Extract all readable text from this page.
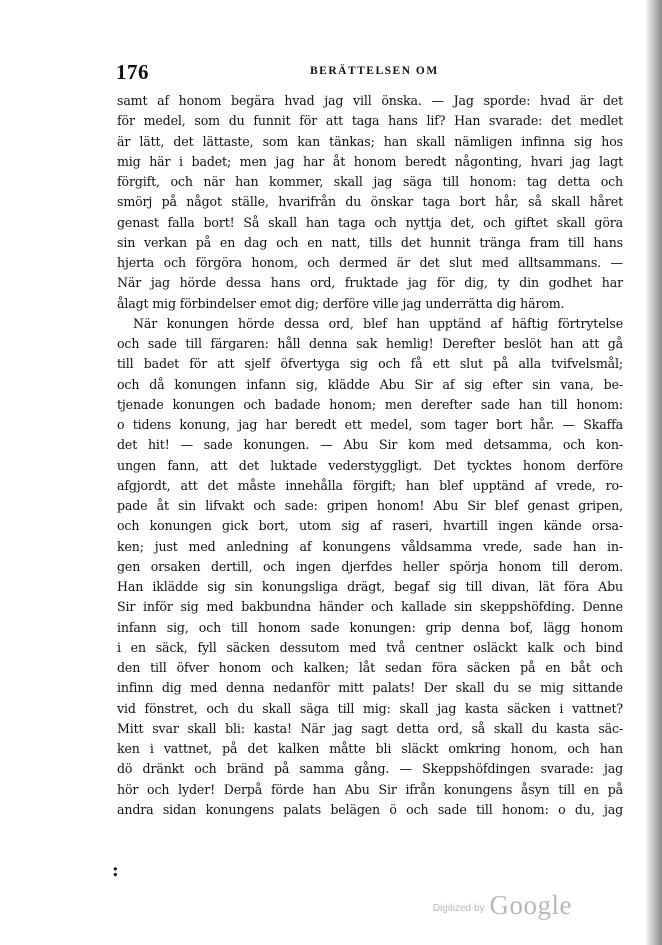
176	BERÄTTELSEN OM
samt af honom begära hvad jag vill önska. — Jag sporde: hvad är det
för medel, som du funnit för att taga hans lif? Han svarade: det medlet
är lätt, det lättaste, som kan tänkas; han skall nämligen infinna sig hos
mig här i badet; men jag har åt honom beredt någonting, hvari jag lagt
förgift, och när han kommer, skall jag säga till honom: tag detta och
smörj på något ställe, hvarifrån du önskar taga bort hår, så skall håret
genast falla bort! Så skall han taga och nyttja det, och giftet skall göra
sin verkan på en dag och en natt, tills det hunnit tränga fram till hans
hjerta och förgöra honom, och dermed är det slut med alltsammans. —
När jag hörde dessa hans ord, fruktade jag för dig, ty din godhet har
ålagt mig förbindelser emot dig; derföre ville jag underrätta dig härom.
När konungen hörde dessa ord, blef han upptänd af häftig förtrytelse
och sade till färgaren: håll denna sak hemlig! Derefter beslöt han att gå
till badet för att sjelf öfvertyga sig och få ett slut på alla tvifvelsmål;
och då konungen infann sig, klädde Abu Sir af sig efter sin vana, be-
tjenade konungen och badade honom; men derefter sade han till honom:
o tidens konung, jag har beredt ett medel, som tager bort hår. — Skaffa
det hit! — sade konungen. — Abu Sir kom med detsamma, och kon-
ungen fann, att det luktade vederstyggligt. Det tycktes honom derföre
afgjordt, att det måste innehålla förgift; han blef upptänd af vrede, ro-
pade åt sin lifvakt och sade: gripen honom! Abu Sir blef genast gripen,
och konungen gick bort, utom sig af raseri, hvartill ingen kände orsa-
ken; just med anledning af konungens våldsamma vrede, sade han in-
gen orsaken dertill, och ingen djerfdes heller spörja honom till derom.
Han iklädde sig sin konungsliga drägt, begaf sig till divan, lät föra Abu
Sir inför sig med bakbundna händer och kallade sin skeppshöfding. Denne
infann sig, och till honom sade konungen: grip denna bof, lägg honom
i en säck, fyll säcken dessutom med två centner osläckt kalk och bind
den till öfver honom och kalken; låt sedan föra säcken på en båt och
infinn dig med denna nedanför mitt palats! Der skall du se mig sittande
vid fönstret, och du skall säga till mig: skall jag kasta säcken i vattnet?
Mitt svar skall bli: kasta! När jag sagt detta ord, så skall du kasta säc-
ken i vattnet, på det kalken måtte bli släckt omkring honom, och han
dö dränkt och bränd på samma gång. — Skeppshöfdingen svarade: jag
hör och lyder! Derpå förde han Abu Sir ifrån konungens åsyn till en på
andra sidan konungens palats belägen ö och sade till honom: o du, jag
:
Digitized by Google
